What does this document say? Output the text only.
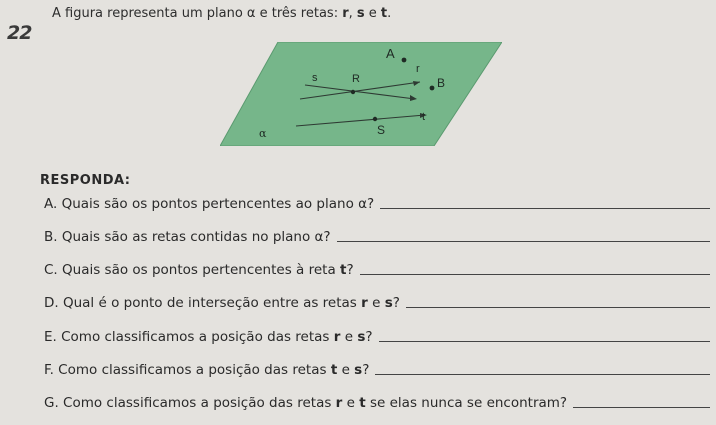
22
A figura representa um plano α e três retas: r, s e t.
A
s	R
r
B
t
S
α
RESPONDA:
A. Quais são os pontos pertencentes ao plano α?
B. Quais são as retas contidas no plano α?
C. Quais são os pontos pertencentes à reta t?
D. Qual é o ponto de interseção entre as retas r e s?
E. Como classificamos a posição das retas r e s?
F. Como classificamos a posição das retas t e s?
G. Como classificamos a posição das retas r e t se elas nunca se encontram?
